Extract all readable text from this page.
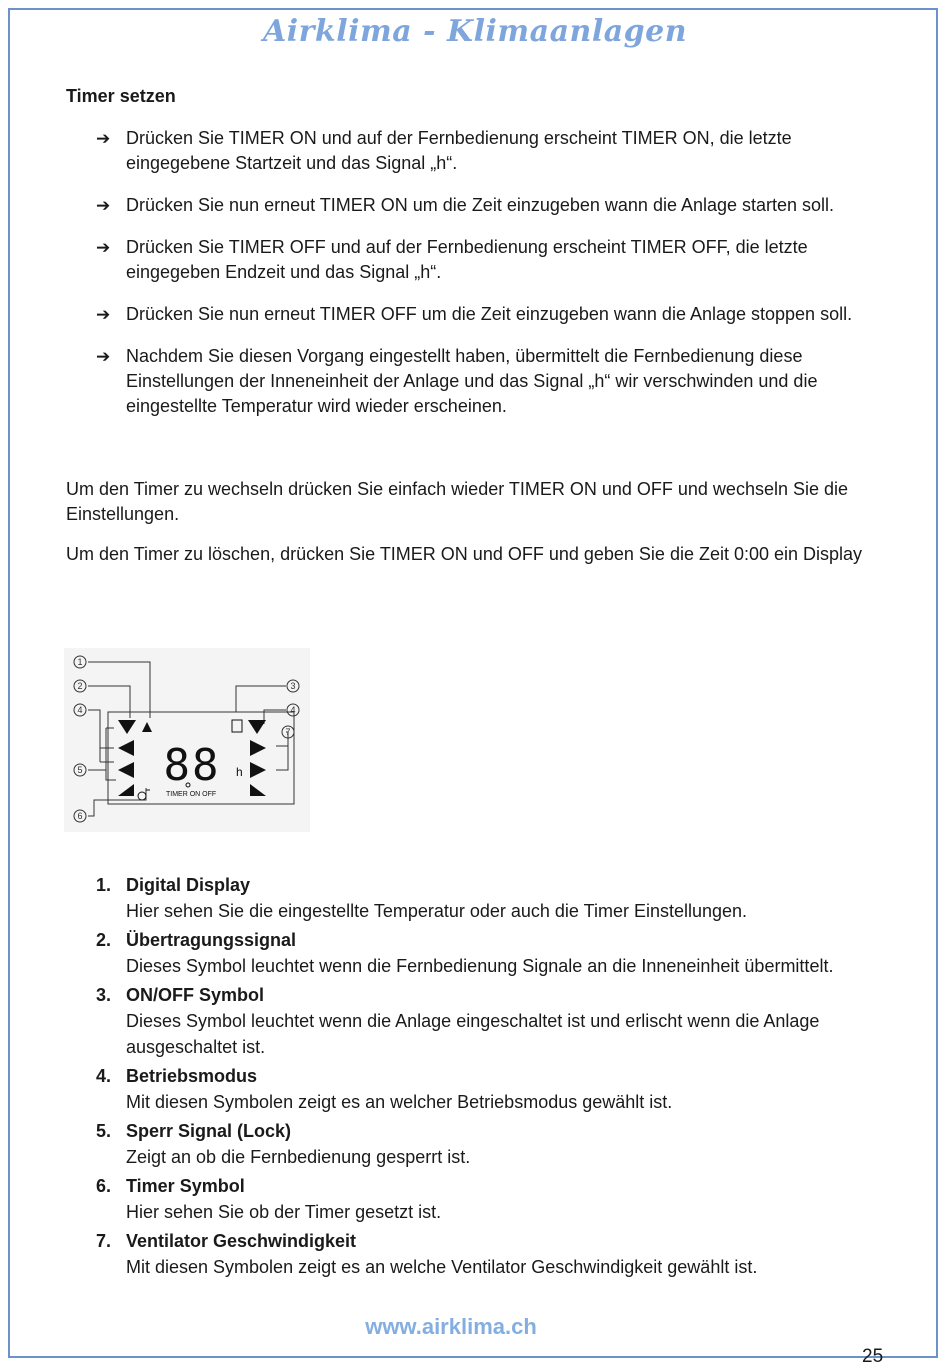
Airklima - Klimaanlagen
Timer setzen
➔ Drücken Sie TIMER ON und auf der Fernbedienung erscheint TIMER ON, die letzte eingegebene Startzeit und das Signal „h“.
➔ Drücken Sie nun erneut TIMER ON um die Zeit einzugeben wann die Anlage starten soll.
➔ Drücken Sie TIMER OFF und auf der Fernbedienung erscheint TIMER OFF, die letzte eingegeben Endzeit und das Signal „h“.
➔ Drücken Sie nun erneut TIMER OFF um die Zeit einzugeben wann die Anlage stoppen soll.
➔ Nachdem Sie diesen Vorgang eingestellt haben, übermittelt die Fernbedienung diese Einstellungen der Inneneinheit der Anlage und das Signal „h“ wir verschwinden und die eingestellte Temperatur wird wieder erscheinen.

Um den Timer zu wechseln drücken Sie einfach wieder TIMER ON und OFF und wechseln Sie die Einstellungen.

Um den Timer zu löschen, drücken Sie TIMER ON und OFF und geben Sie die Zeit 0:00 ein Display

1
2	3
4	4
5
6
7
88 h
TIMER ON OFF
1. Digital Display
Hier sehen Sie die eingestellte Temperatur oder auch die Timer Einstellungen.
2. Übertragungssignal
Dieses Symbol leuchtet wenn die Fernbedienung Signale an die Inneneinheit übermittelt.
3. ON/OFF Symbol
Dieses Symbol leuchtet wenn die Anlage eingeschaltet ist und erlischt wenn die Anlage ausgeschaltet ist.
4. Betriebsmodus
Mit diesen Symbolen zeigt es an welcher Betriebsmodus gewählt ist.
5. Sperr Signal (Lock)
Zeigt an ob die Fernbedienung gesperrt ist.
6. Timer Symbol
Hier sehen Sie ob der Timer gesetzt ist.
7. Ventilator Geschwindigkeit
Mit diesen Symbolen zeigt es an welche Ventilator Geschwindigkeit gewählt ist.
www.airklima.ch
25
